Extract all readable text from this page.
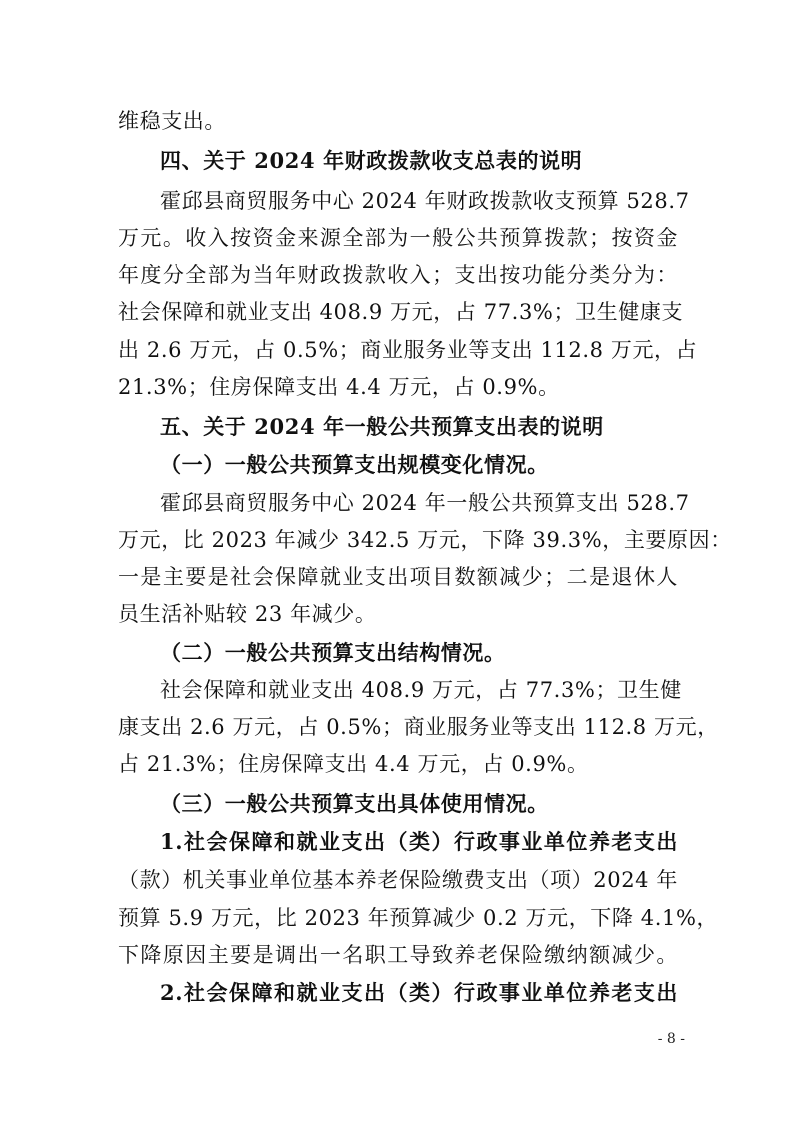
维稳支出。
四、关于 2024 年财政拨款收支总表的说明
霍邱县商贸服务中心 2024 年财政拨款收支预算 528.7
万元。收入按资金来源全部为一般公共预算拨款；按资金
年度分全部为当年财政拨款收入；支出按功能分类分为：
社会保障和就业支出 408.9 万元，占 77.3%；卫生健康支
出 2.6 万元，占 0.5%；商业服务业等支出 112.8 万元，占
21.3%；住房保障支出 4.4 万元，占 0.9%。
五、关于 2024 年一般公共预算支出表的说明
（一）一般公共预算支出规模变化情况。
霍邱县商贸服务中心 2024 年一般公共预算支出 528.7
万元，比 2023 年减少 342.5 万元，下降 39.3%，主要原因：
一是主要是社会保障就业支出项目数额减少；二是退休人
员生活补贴较 23 年减少。
（二）一般公共预算支出结构情况。
社会保障和就业支出 408.9 万元，占 77.3%；卫生健
康支出 2.6 万元，占 0.5%；商业服务业等支出 112.8 万元，
占 21.3%；住房保障支出 4.4 万元，占 0.9%。
（三）一般公共预算支出具体使用情况。
1.社会保障和就业支出（类）行政事业单位养老支出
（款）机关事业单位基本养老保险缴费支出（项）2024 年
预算 5.9 万元，比 2023 年预算减少 0.2 万元，下降 4.1%，
下降原因主要是调出一名职工导致养老保险缴纳额减少。
2.社会保障和就业支出（类）行政事业单位养老支出
- 8 -
